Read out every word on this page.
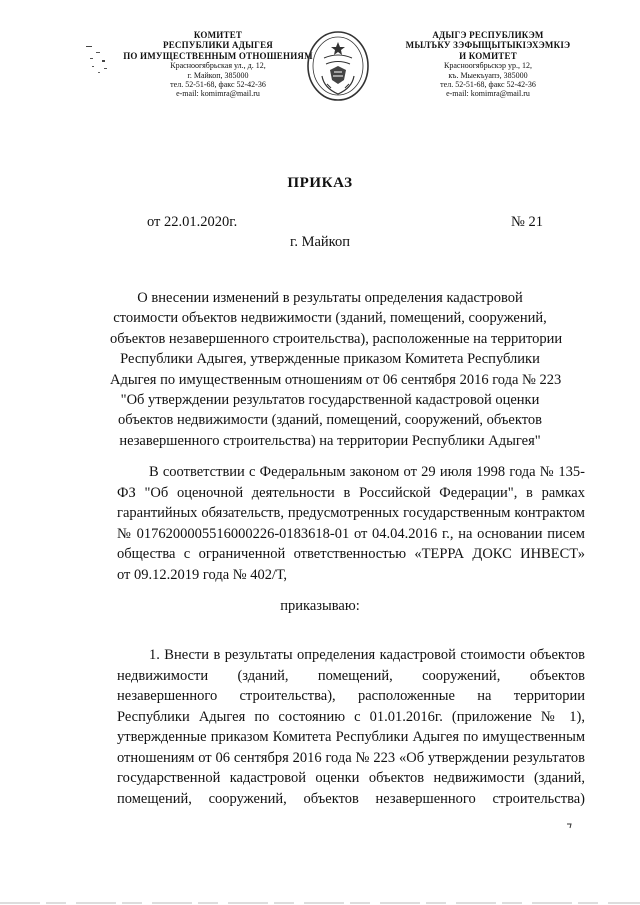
КОМИТЕТ
РЕСПУБЛИКИ АДЫГЕЯ
ПО ИМУЩЕСТВЕННЫМ ОТНОШЕНИЯМ
Красноогябрьская ул., д. 12,
г. Майкоп, 385000
тел. 52-51-68, факс 52-42-36
e-mail: komimra@mail.ru
АДЫГЭ РЕСПУБЛИКЭМ
МЫЛЪКУ ЗЭФЫЩЫТЫКІЭХЭМКІЭ
И КОМИТЕТ
Красноогябрьскэр ур., 12,
къ. Мыекъуапэ, 385000
тел. 52-51-68, факс 52-42-36
e-mail: komimra@mail.ru
ПРИКАЗ
от 22.01.2020г.	№ 21
г. Майкоп
О внесении изменений в результаты определения кадастровой
стоимости объектов недвижимости (зданий, помещений, сооружений,
объектов незавершенного строительства), расположенные на территории
Республики Адыгея, утвержденные приказом Комитета Республики
Адыгея по имущественным отношениям от 06 сентября 2016 года № 223
"Об утверждении результатов государственной кадастровой оценки
объектов недвижимости (зданий, помещений, сооружений, объектов
незавершенного строительства) на территории Республики Адыгея"
В соответствии с Федеральным законом от 29 июля 1998 года № 135-
ФЗ "Об оценочной деятельности в Российской Федерации", в рамках
гарантийных обязательств, предусмотренных государственным контрактом
№ 0176200005516000226-0183618-01 от 04.04.2016 г., на основании писем
общества с ограниченной ответственностью «ТЕРРА ДОКС ИНВЕСТ»
от 09.12.2019 года № 402/Т,
приказываю:
1. Внести в результаты определения кадастровой стоимости объектов
недвижимости (зданий, помещений, сооружений, объектов
незавершенного строительства), расположенные на территории
Республики Адыгея по состоянию с 01.01.2016г. (приложение № 1),
утвержденные приказом Комитета Республики Адыгея по имущественным
отношениям от 06 сентября 2016 года № 223 «Об утверждении результатов
государственной кадастровой оценки объектов недвижимости (зданий,
помещений, сооружений, объектов незавершенного строительства)
